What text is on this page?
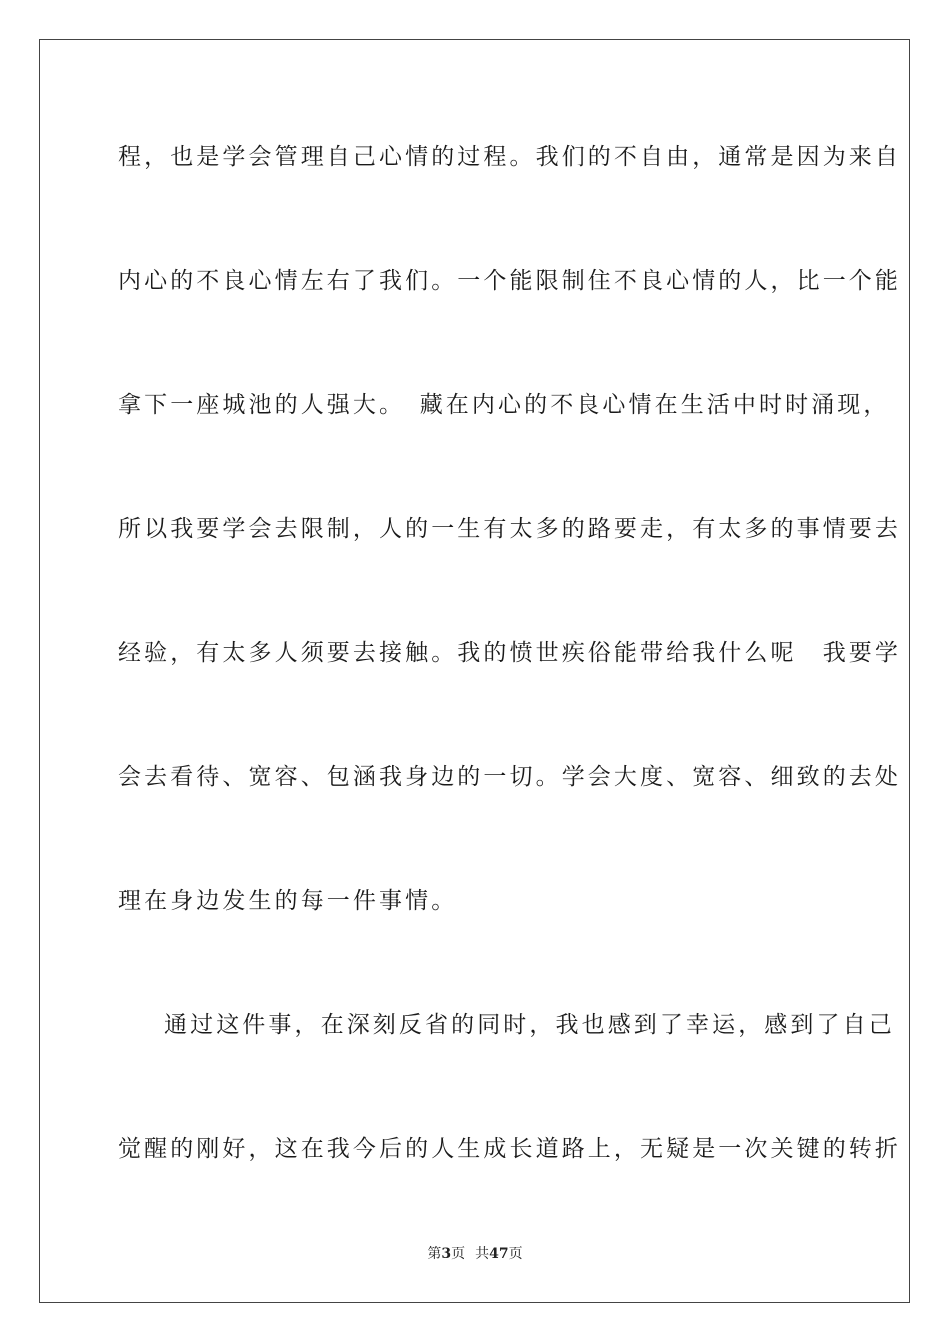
程，也是学会管理自己心情的过程。我们的不自由，通常是因为来自
内心的不良心情左右了我们。一个能限制住不良心情的人，比一个能
拿下一座城池的人强大。　藏在内心的不良心情在生活中时时涌现，
所以我要学会去限制，人的一生有太多的路要走，有太多的事情要去
经验，有太多人须要去接触。我的愤世疾俗能带给我什么呢　我要学
会去看待、宽容、包涵我身边的一切。学会大度、宽容、细致的去处
理在身边发生的每一件事情。
通过这件事，在深刻反省的同时，我也感到了幸运，感到了自己
觉醒的刚好，这在我今后的人生成长道路上，无疑是一次关键的转折
第3页 共47页
